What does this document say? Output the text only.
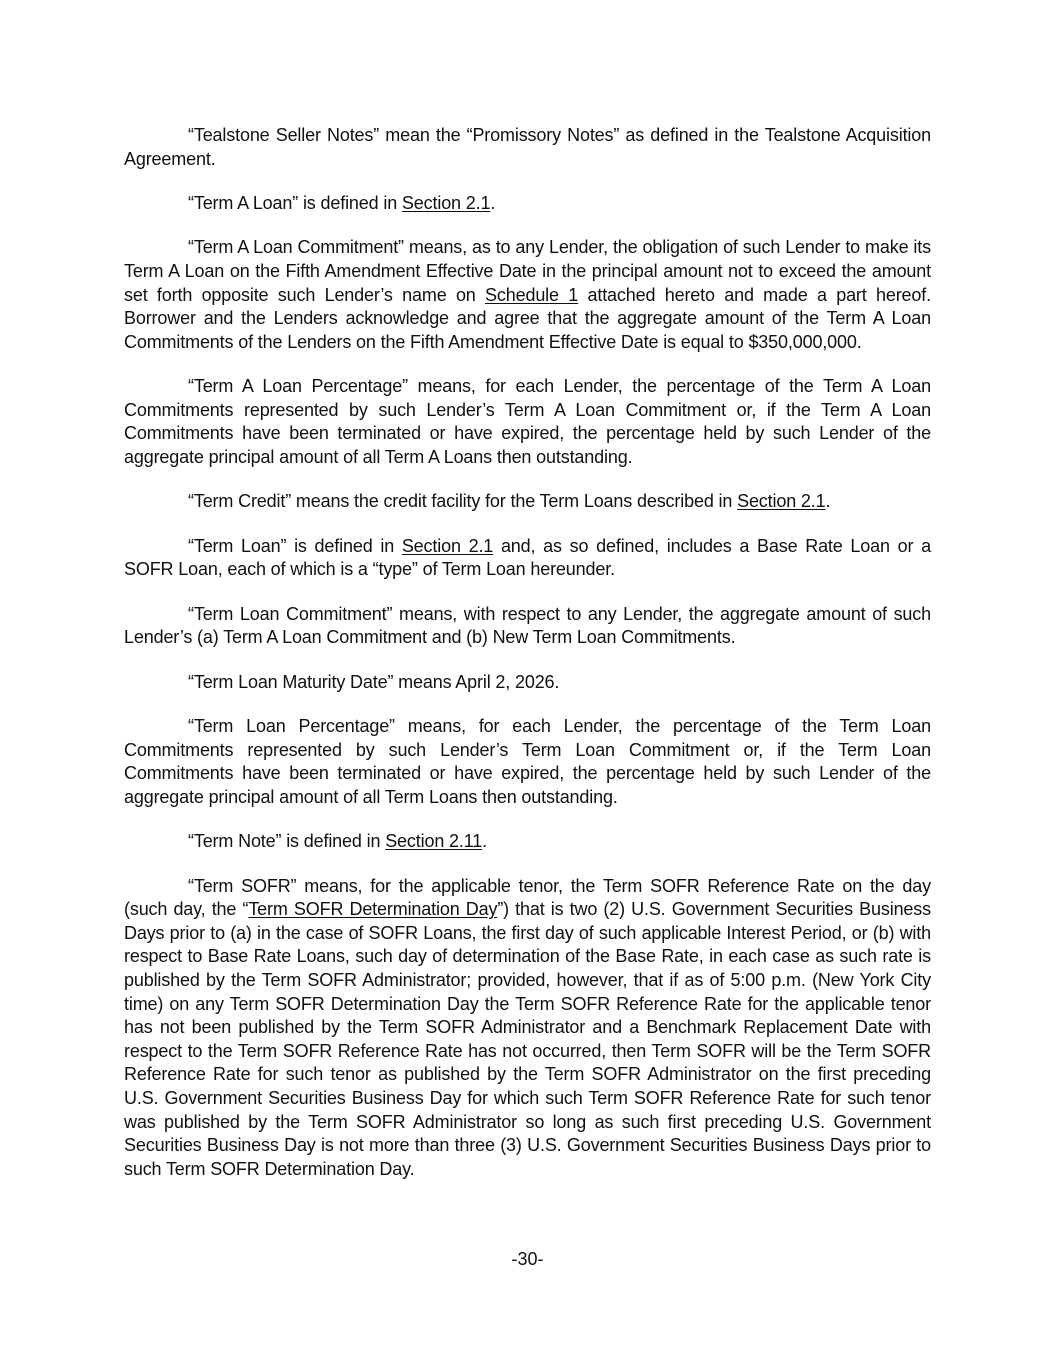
“Tealstone Seller Notes” mean the “Promissory Notes” as defined in the Tealstone Acquisition Agreement.

“Term A Loan” is defined in Section 2.1.

“Term A Loan Commitment” means, as to any Lender, the obligation of such Lender to make its Term A Loan on the Fifth Amendment Effective Date in the principal amount not to exceed the amount set forth opposite such Lender’s name on Schedule 1 attached hereto and made a part hereof. Borrower and the Lenders acknowledge and agree that the aggregate amount of the Term A Loan Commitments of the Lenders on the Fifth Amendment Effective Date is equal to $350,000,000.

“Term A Loan Percentage” means, for each Lender, the percentage of the Term A Loan Commitments represented by such Lender’s Term A Loan Commitment or, if the Term A Loan Commitments have been terminated or have expired, the percentage held by such Lender of the aggregate principal amount of all Term A Loans then outstanding.

“Term Credit” means the credit facility for the Term Loans described in Section 2.1.

“Term Loan” is defined in Section 2.1 and, as so defined, includes a Base Rate Loan or a SOFR Loan, each of which is a “type” of Term Loan hereunder.

“Term Loan Commitment” means, with respect to any Lender, the aggregate amount of such Lender’s (a) Term A Loan Commitment and (b) New Term Loan Commitments.

“Term Loan Maturity Date” means April 2, 2026.

“Term Loan Percentage” means, for each Lender, the percentage of the Term Loan Commitments represented by such Lender’s Term Loan Commitment or, if the Term Loan Commitments have been terminated or have expired, the percentage held by such Lender of the aggregate principal amount of all Term Loans then outstanding.

“Term Note” is defined in Section 2.11.

“Term SOFR” means, for the applicable tenor, the Term SOFR Reference Rate on the day (such day, the “Term SOFR Determination Day”) that is two (2) U.S. Government Securities Business Days prior to (a) in the case of SOFR Loans, the first day of such applicable Interest Period, or (b) with respect to Base Rate Loans, such day of determination of the Base Rate, in each case as such rate is published by the Term SOFR Administrator; provided, however, that if as of 5:00 p.m. (New York City time) on any Term SOFR Determination Day the Term SOFR Reference Rate for the applicable tenor has not been published by the Term SOFR Administrator and a Benchmark Replacement Date with respect to the Term SOFR Reference Rate has not occurred, then Term SOFR will be the Term SOFR Reference Rate for such tenor as published by the Term SOFR Administrator on the first preceding U.S. Government Securities Business Day for which such Term SOFR Reference Rate for such tenor was published by the Term SOFR Administrator so long as such first preceding U.S. Government Securities Business Day is not more than three (3) U.S. Government Securities Business Days prior to such Term SOFR Determination Day.

-30-
